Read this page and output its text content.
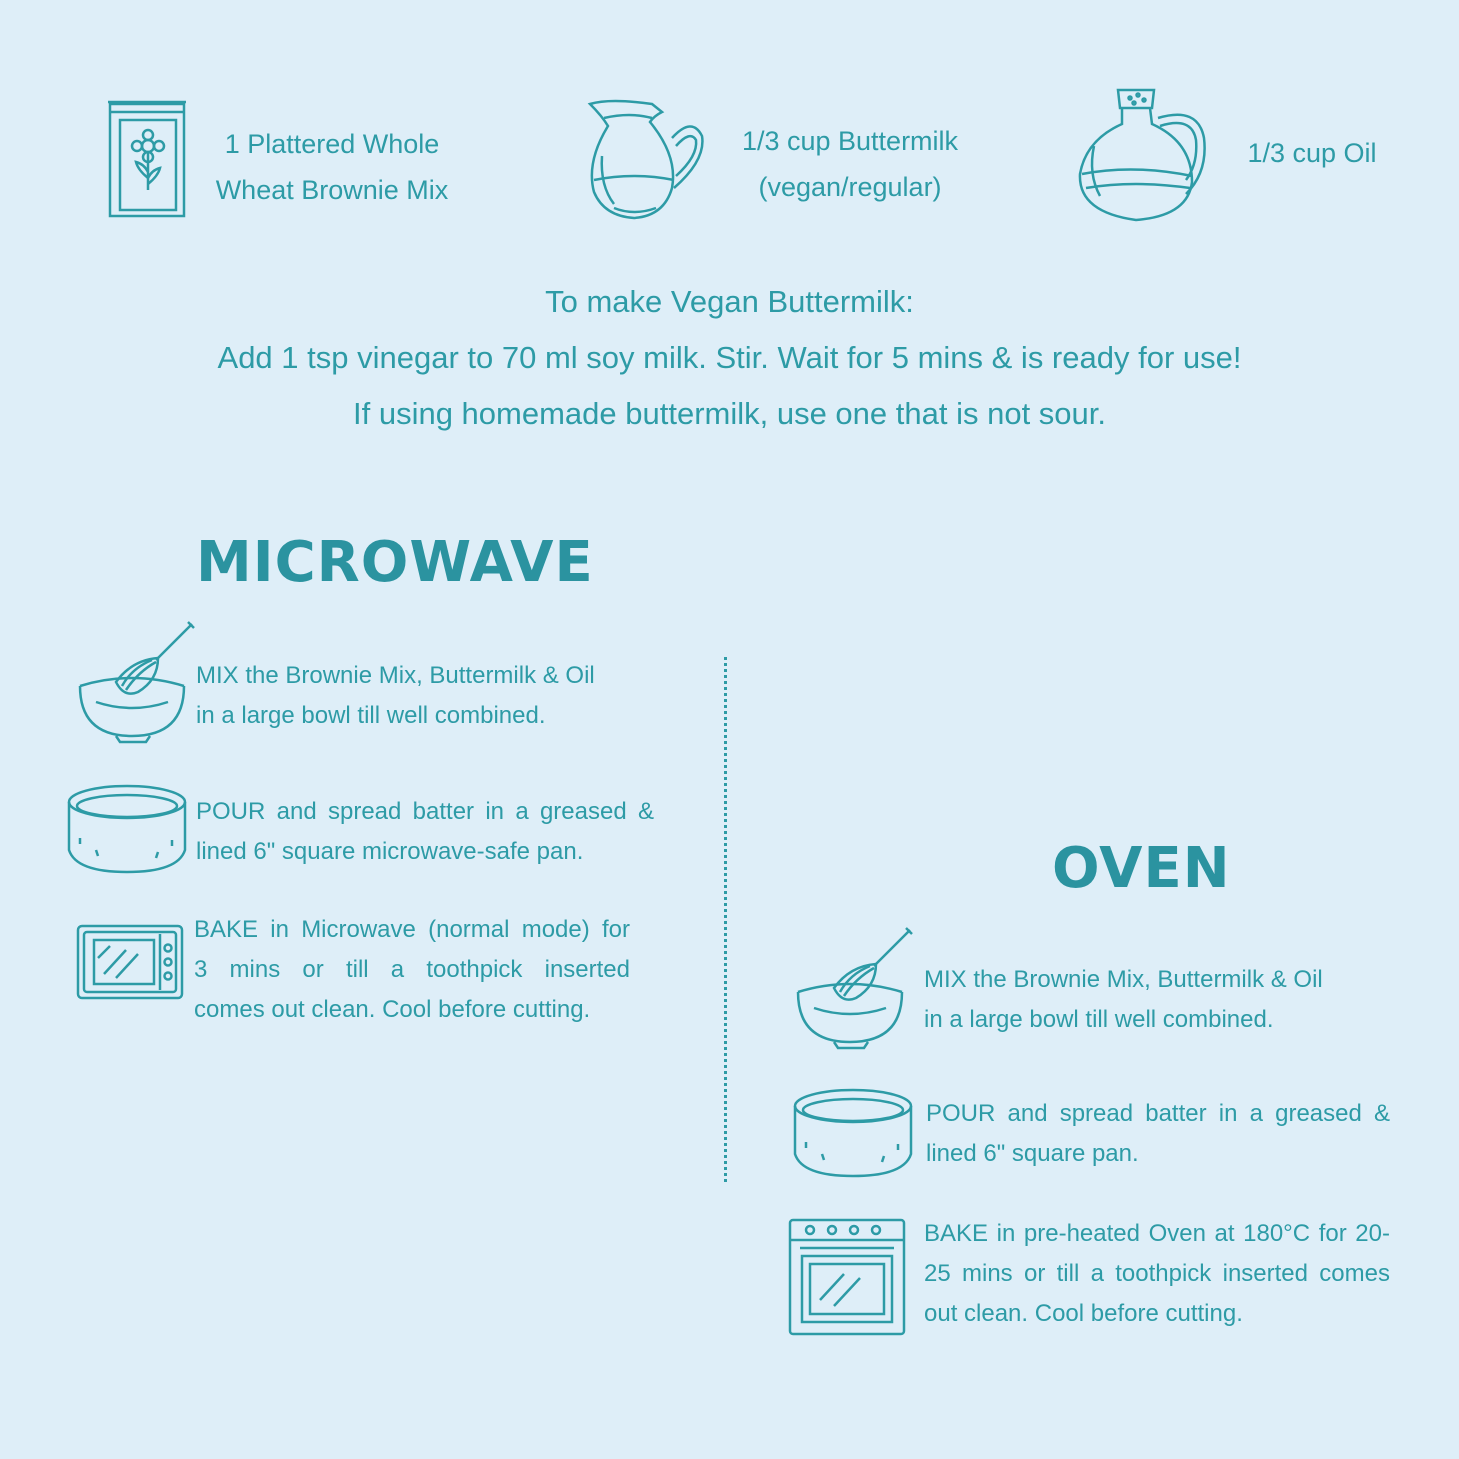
1 Plattered Whole
Wheat Brownie Mix
1/3 cup Buttermilk
(vegan/regular)
1/3 cup Oil
To make Vegan Buttermilk:
Add 1 tsp vinegar to 70 ml soy milk. Stir. Wait for 5 mins & is ready for use!
If using homemade buttermilk, use one that is not sour.
MICROWAVE
MIX the Brownie Mix, Buttermilk & Oil
in a large bowl till well combined.
POUR and spread batter in a greased &
lined 6" square microwave-safe pan.
BAKE in Microwave (normal mode) for
3 mins or till a toothpick inserted
comes out clean. Cool before cutting.
OVEN
MIX the Brownie Mix, Buttermilk & Oil
in a large bowl till well combined.
POUR and spread batter in a greased &
lined 6" square pan.
BAKE in pre-heated Oven at 180°C for 20-
25 mins or till a toothpick inserted comes
out clean. Cool before cutting.
